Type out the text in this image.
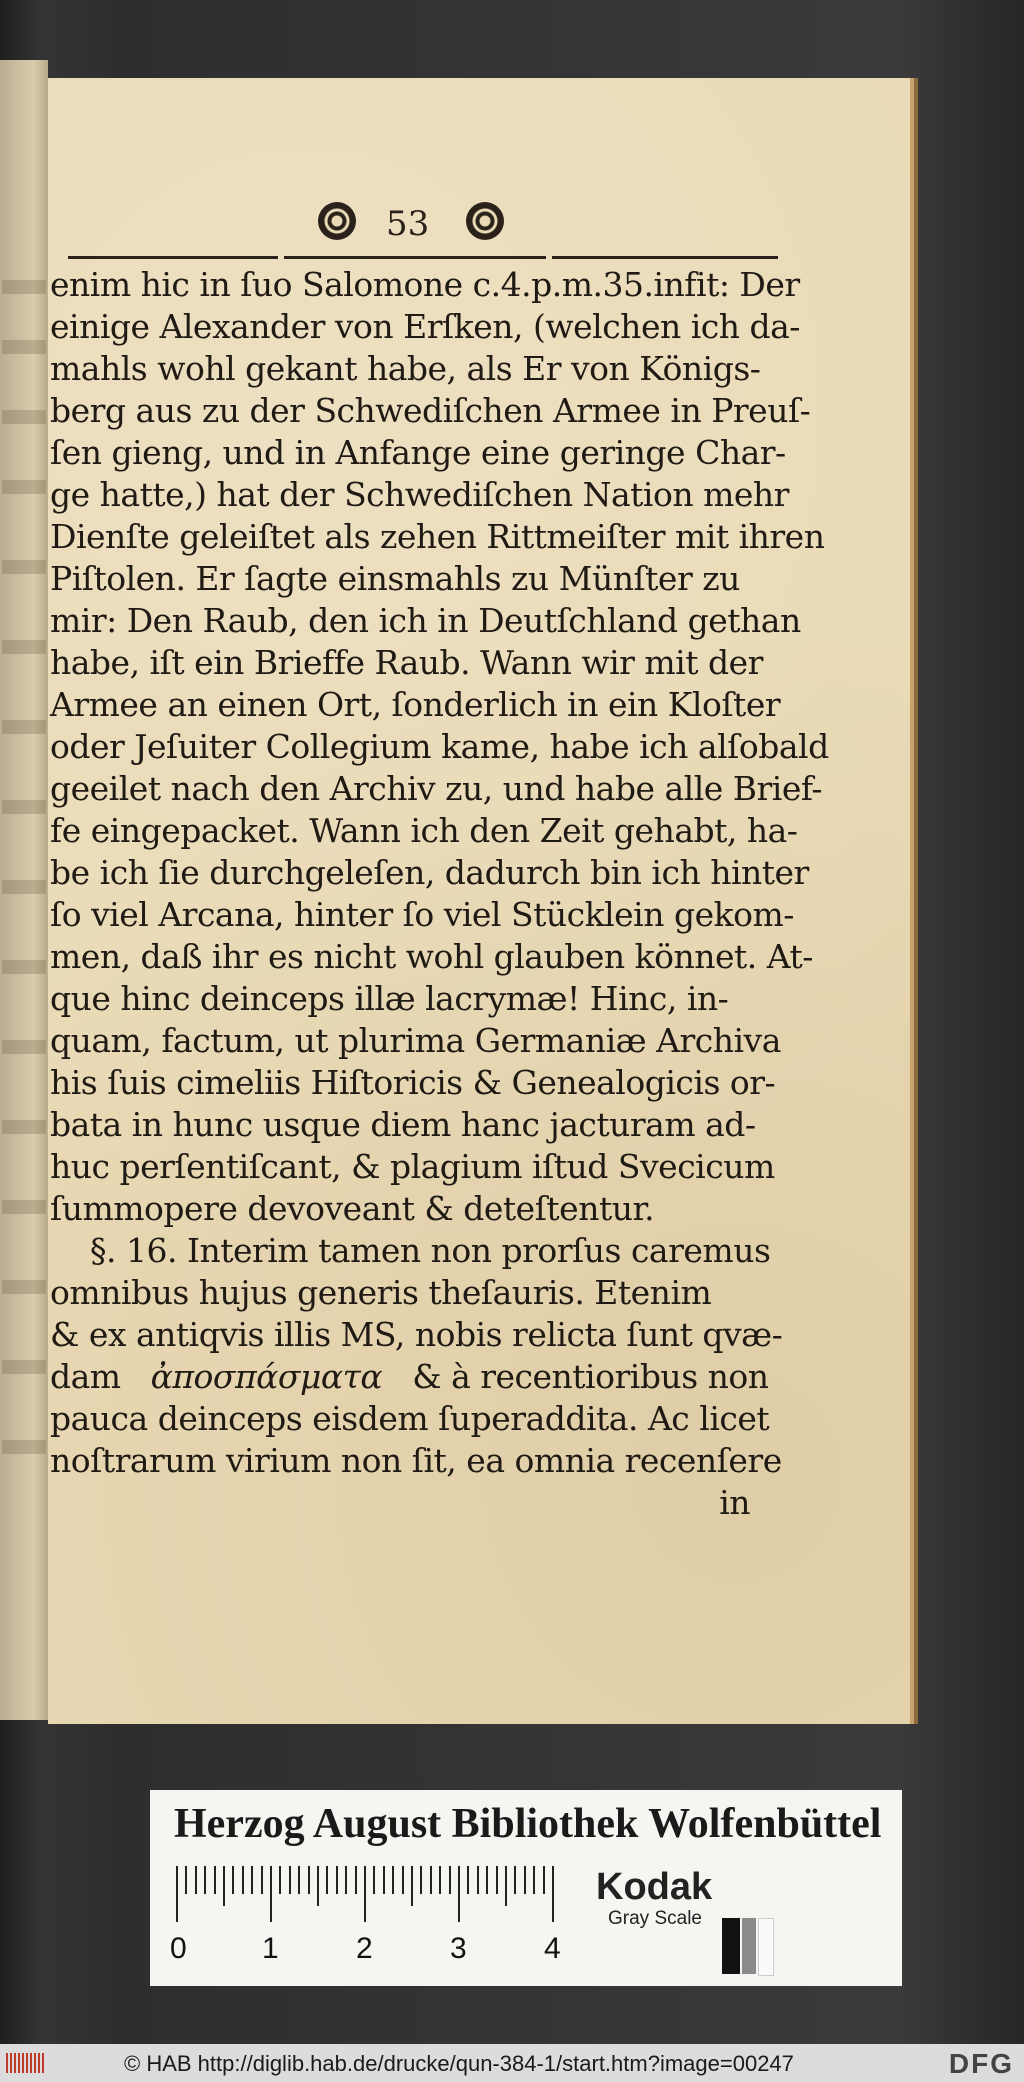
53
enim hic in ſuo Salomone c.4.p.m.35.infit: Der
einige Alexander von Erſken, (welchen ich da-
mahls wohl gekant habe, als Er von Königs-
berg aus zu der Schwediſchen Armee in Preuſ-
ſen gieng, und in Anfange eine geringe Char-
ge hatte,) hat der Schwediſchen Nation mehr
Dienſte geleiſtet als zehen Rittmeiſter mit ihren
Piſtolen. Er ſagte einsmahls zu Münſter zu
mir: Den Raub, den ich in Deutſchland gethan
habe, iſt ein Brieffe Raub. Wann wir mit der
Armee an einen Ort, ſonderlich in ein Kloſter
oder Jeſuiter Collegium kame, habe ich alſobald
geeilet nach den Archiv zu, und habe alle Brief-
fe eingepacket. Wann ich den Zeit gehabt, ha-
be ich ſie durchgeleſen, dadurch bin ich hinter
ſo viel Arcana, hinter ſo viel Stücklein gekom-
men, daß ihr es nicht wohl glauben könnet. At-
que hinc deinceps illæ lacrymæ! Hinc, in-
quam, factum, ut plurima Germaniæ Archiva
his ſuis cimeliis Hiſtoricis & Genealogicis or-
bata in hunc usque diem hanc jacturam ad-
huc perſentiſcant, & plagium iſtud Svecicum
ſummopere devoveant & deteſtentur.
§. 16. Interim tamen non prorſus caremus
omnibus hujus generis theſauris. Etenim
& ex antiqvis illis MS, nobis relicta ſunt qvæ-
dam ἀποσπάσματα & à recentioribus non
pauca deinceps eisdem ſuperaddita. Ac licet
noſtrarum virium non ſit, ea omnia recenſere
in
Herzog August Bibliothek Wolfenbüttel
0	1	2	3	4
Kodak
Gray Scale
© HAB http://diglib.hab.de/drucke/qun-384-1/start.htm?image=00247	DFG
